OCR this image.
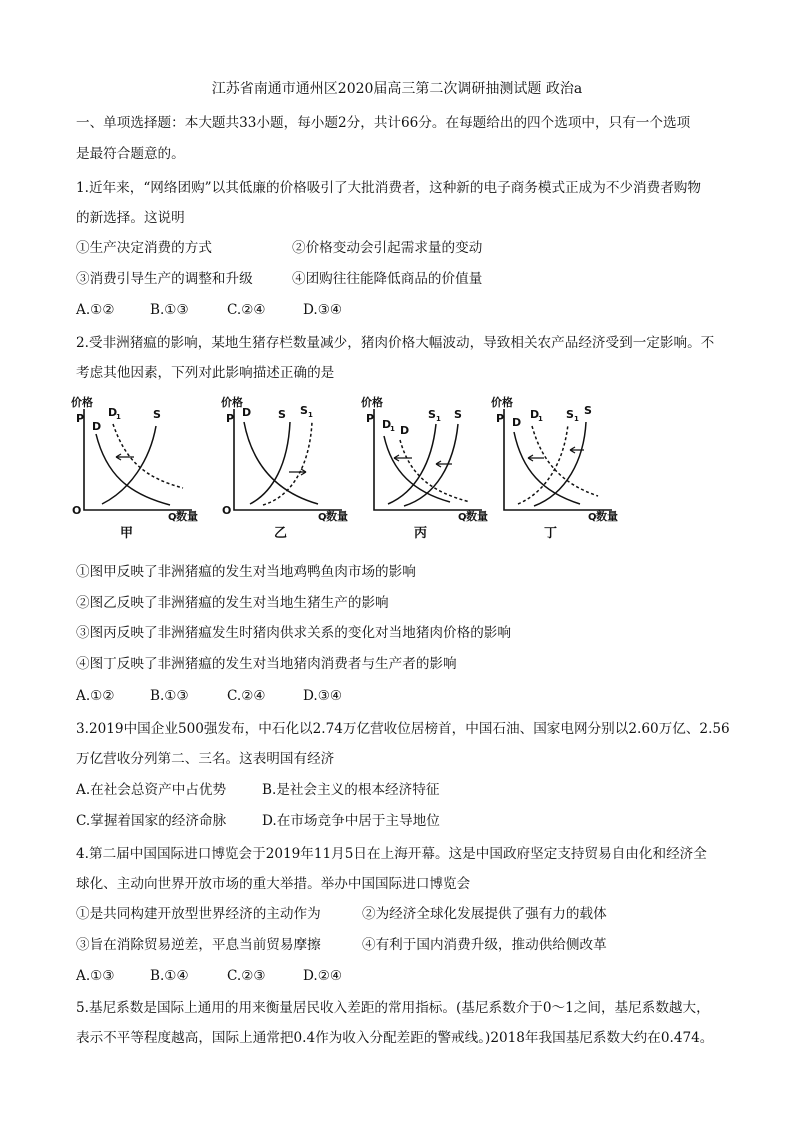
江苏省南通市通州区2020届高三第二次调研抽测试题 政治a
一、单项选择题：本大题共33小题，每小题2分，共计66分。在每题给出的四个选项中，只有一个选项
是最符合题意的。
1.近年来，“网络团购”以其低廉的价格吸引了大批消费者，这种新的电子商务模式正成为不少消费者购物
的新选择。这说明
①生产决定消费的方式	②价格变动会引起需求量的变动
③消费引导生产的调整和升级	④团购往往能降低商品的价值量
A.①②	B.①③	C.②④	D.③④
2.受非洲猪瘟的影响，某地生猪存栏数量减少，猪肉价格大幅波动，导致相关农产品经济受到一定影响。不
考虑其他因素，下列对此影响描述正确的是
价格
P
O
Q 数量
D
D
1	S
甲
价格
P
O
Q 数量
D S S 1
乙
价格
P
Q 数量
D
1 D
S 1 S
丙
价格
P
Q 数量
D
D
1 S 1
S
丁
①图甲反映了非洲猪瘟的发生对当地鸡鸭鱼肉市场的影响
②图乙反映了非洲猪瘟的发生对当地生猪生产的影响
③图丙反映了非洲猪瘟发生时猪肉供求关系的变化对当地猪肉价格的影响
④图丁反映了非洲猪瘟的发生对当地猪肉消费者与生产者的影响
A.①②	B.①③	C.②④	D.③④
3.2019中国企业500强发布，中石化以2.74万亿营收位居榜首，中国石油、国家电网分别以2.60万亿、2.56
万亿营收分列第二、三名。这表明国有经济
A.在社会总资产中占优势	B.是社会主义的根本经济特征
C.掌握着国家的经济命脉	D.在市场竞争中居于主导地位
4.第二届中国国际进口博览会于2019年11月5日在上海开幕。这是中国政府坚定支持贸易自由化和经济全
球化、主动向世界开放市场的重大举措。举办中国国际进口博览会
①是共同构建开放型世界经济的主动作为	②为经济全球化发展提供了强有力的载体
③旨在消除贸易逆差，平息当前贸易摩擦	④有利于国内消费升级，推动供给侧改革
A.①③	B.①④	C.②③	D.②④
5.基尼系数是国际上通用的用来衡量居民收入差距的常用指标。(基尼系数介于0～1之间，基尼系数越大，
表示不平等程度越高，国际上通常把0.4作为收入分配差距的警戒线。)2018年我国基尼系数大约在0.474。
